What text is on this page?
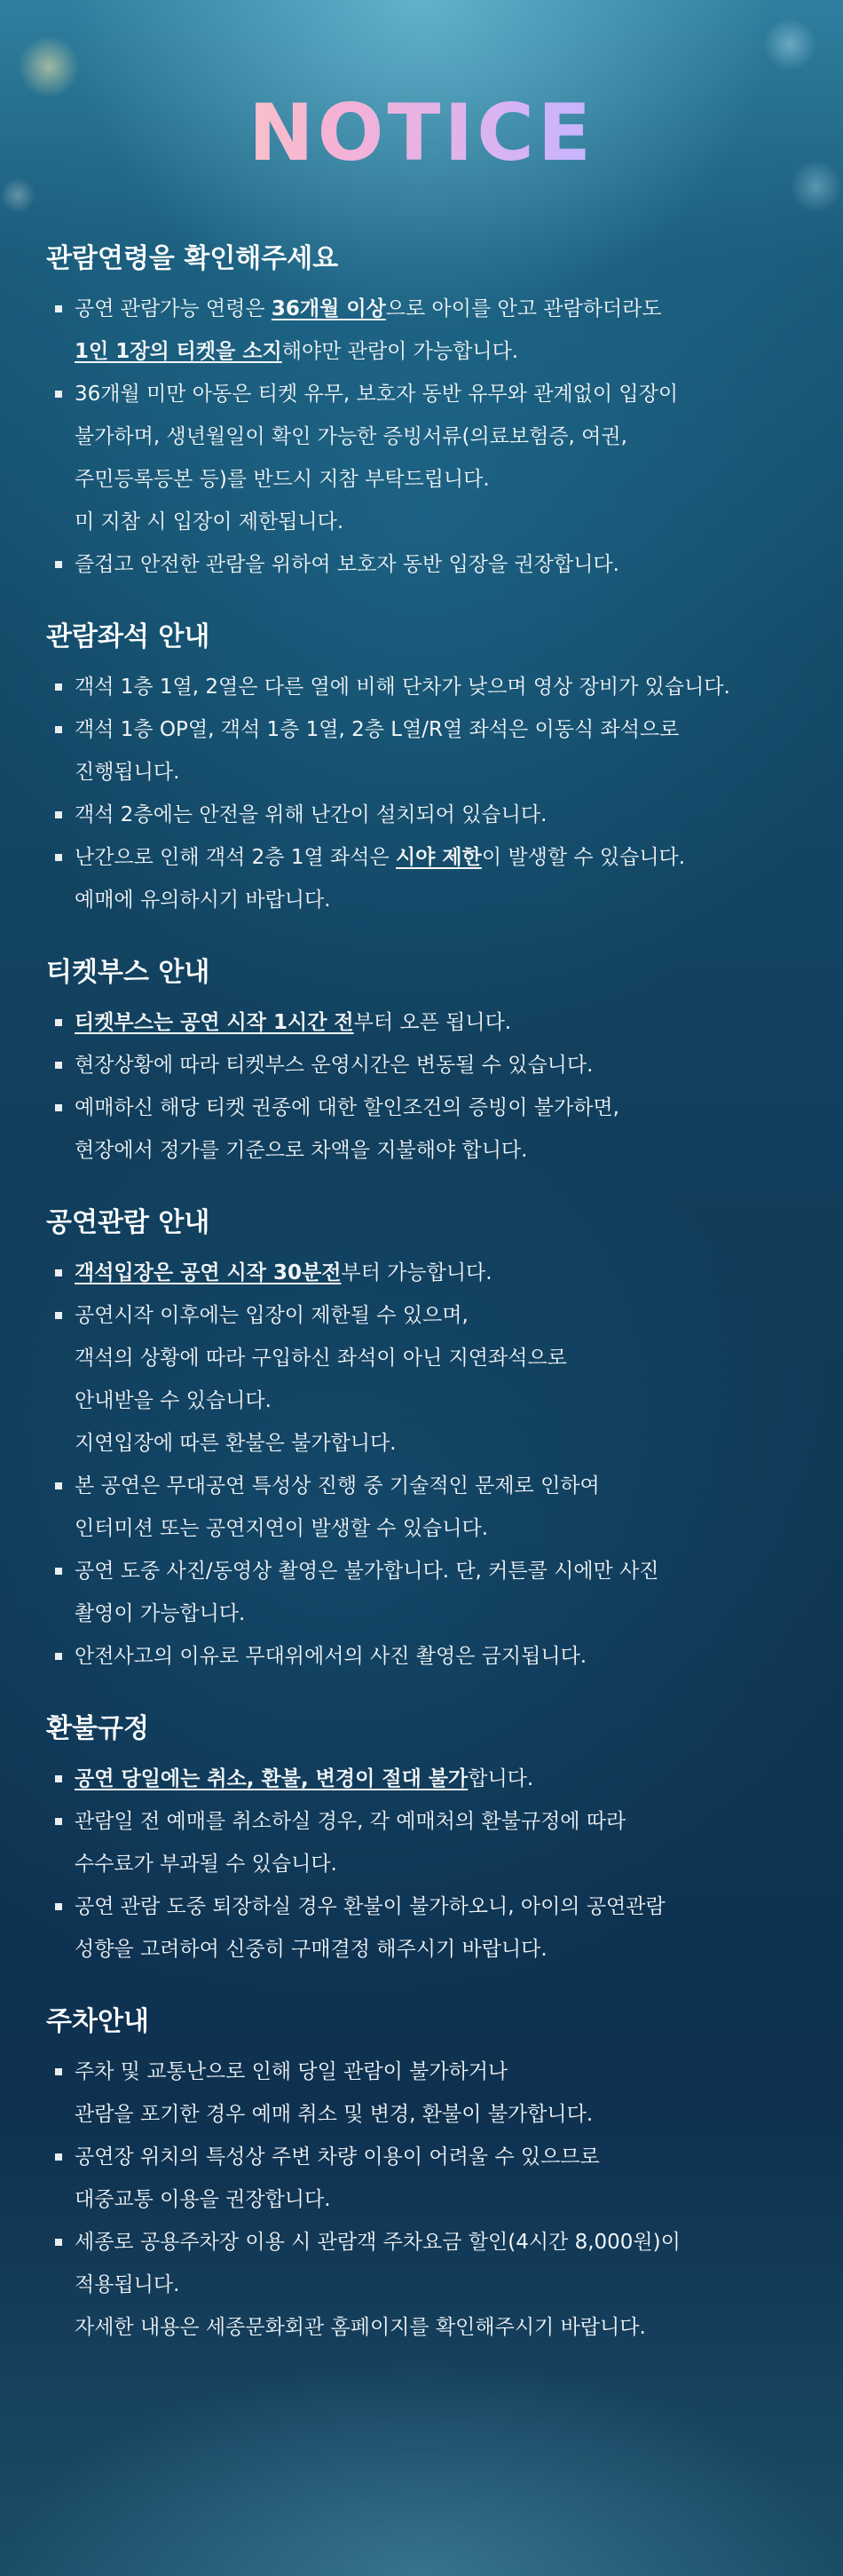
NOTICE
관람연령을 확인해주세요
공연 관람가능 연령은 36개월 이상으로 아이를 안고 관람하더라도
1인 1장의 티켓을 소지해야만 관람이 가능합니다.
36개월 미만 아동은 티켓 유무, 보호자 동반 유무와 관계없이 입장이
불가하며, 생년월일이 확인 가능한 증빙서류(의료보험증, 여권,
주민등록등본 등)를 반드시 지참 부탁드립니다.
미 지참 시 입장이 제한됩니다.
즐겁고 안전한 관람을 위하여 보호자 동반 입장을 권장합니다.
관람좌석 안내
객석 1층 1열, 2열은 다른 열에 비해 단차가 낮으며 영상 장비가 있습니다.
객석 1층 OP열, 객석 1층 1열, 2층 L열/R열 좌석은 이동식 좌석으로
진행됩니다.
객석 2층에는 안전을 위해 난간이 설치되어 있습니다.
난간으로 인해 객석 2층 1열 좌석은 시야 제한이 발생할 수 있습니다.
예매에 유의하시기 바랍니다.
티켓부스 안내
티켓부스는 공연 시작 1시간 전부터 오픈 됩니다.
현장상황에 따라 티켓부스 운영시간은 변동될 수 있습니다.
예매하신 해당 티켓 권종에 대한 할인조건의 증빙이 불가하면,
현장에서 정가를 기준으로 차액을 지불해야 합니다.
공연관람 안내
객석입장은 공연 시작 30분전부터 가능합니다.
공연시작 이후에는 입장이 제한될 수 있으며,
객석의 상황에 따라 구입하신 좌석이 아닌 지연좌석으로
안내받을 수 있습니다.
지연입장에 따른 환불은 불가합니다.
본 공연은 무대공연 특성상 진행 중 기술적인 문제로 인하여
인터미션 또는 공연지연이 발생할 수 있습니다.
공연 도중 사진/동영상 촬영은 불가합니다. 단, 커튼콜 시에만 사진
촬영이 가능합니다.
안전사고의 이유로 무대위에서의 사진 촬영은 금지됩니다.
환불규정
공연 당일에는 취소, 환불, 변경이 절대 불가합니다.
관람일 전 예매를 취소하실 경우, 각 예매처의 환불규정에 따라
수수료가 부과될 수 있습니다.
공연 관람 도중 퇴장하실 경우 환불이 불가하오니, 아이의 공연관람
성향을 고려하여 신중히 구매결정 해주시기 바랍니다.
주차안내
주차 및 교통난으로 인해 당일 관람이 불가하거나
관람을 포기한 경우 예매 취소 및 변경, 환불이 불가합니다.
공연장 위치의 특성상 주변 차량 이용이 어려울 수 있으므로
대중교통 이용을 권장합니다.
세종로 공용주차장 이용 시 관람객 주차요금 할인(4시간 8,000원)이
적용됩니다.
자세한 내용은 세종문화회관 홈페이지를 확인해주시기 바랍니다.
